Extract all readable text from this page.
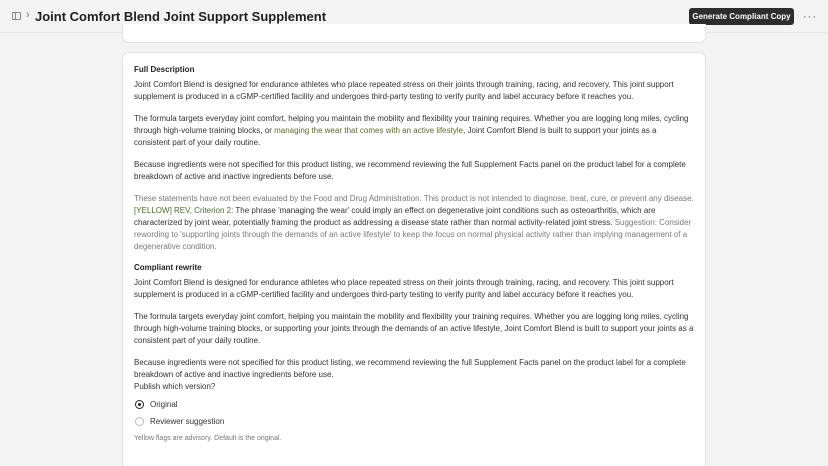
› Joint Comfort Blend Joint Support Supplement	Generate Compliant Copy	···
Full Description

Joint Comfort Blend is designed for endurance athletes who place repeated stress on their joints through training, racing, and recovery. This joint support supplement is produced in a cGMP-certified facility and undergoes third-party testing to verify purity and label accuracy before it reaches you.

The formula targets everyday joint comfort, helping you maintain the mobility and flexibility your training requires. Whether you are logging long miles, cycling through high-volume training blocks, or managing the wear that comes with an active lifestyle, Joint Comfort Blend is built to support your joints as a consistent part of your daily routine.

Because ingredients were not specified for this product listing, we recommend reviewing the full Supplement Facts panel on the product label for a complete breakdown of active and inactive ingredients before use.

These statements have not been evaluated by the Food and Drug Administration. This product is not intended to diagnose, treat, cure, or prevent any disease.

[YELLOW] REV, Criterion 2: The phrase 'managing the wear' could imply an effect on degenerative joint conditions such as osteoarthritis, which are characterized by joint wear, potentially framing the product as addressing a disease state rather than normal activity-related joint stress. Suggestion: Consider rewording to 'supporting joints through the demands of an active lifestyle' to keep the focus on normal physical activity rather than implying management of a degenerative condition.

Compliant rewrite

Joint Comfort Blend is designed for endurance athletes who place repeated stress on their joints through training, racing, and recovery. This joint support supplement is produced in a cGMP-certified facility and undergoes third-party testing to verify purity and label accuracy before it reaches you.

The formula targets everyday joint comfort, helping you maintain the mobility and flexibility your training requires. Whether you are logging long miles, cycling through high-volume training blocks, or supporting your joints through the demands of an active lifestyle, Joint Comfort Blend is built to support your joints as a consistent part of your daily routine.

Because ingredients were not specified for this product listing, we recommend reviewing the full Supplement Facts panel on the product label for a complete breakdown of active and inactive ingredients before use.

Publish which version?

Original
Reviewer suggestion

Yellow flags are advisory. Default is the original.
